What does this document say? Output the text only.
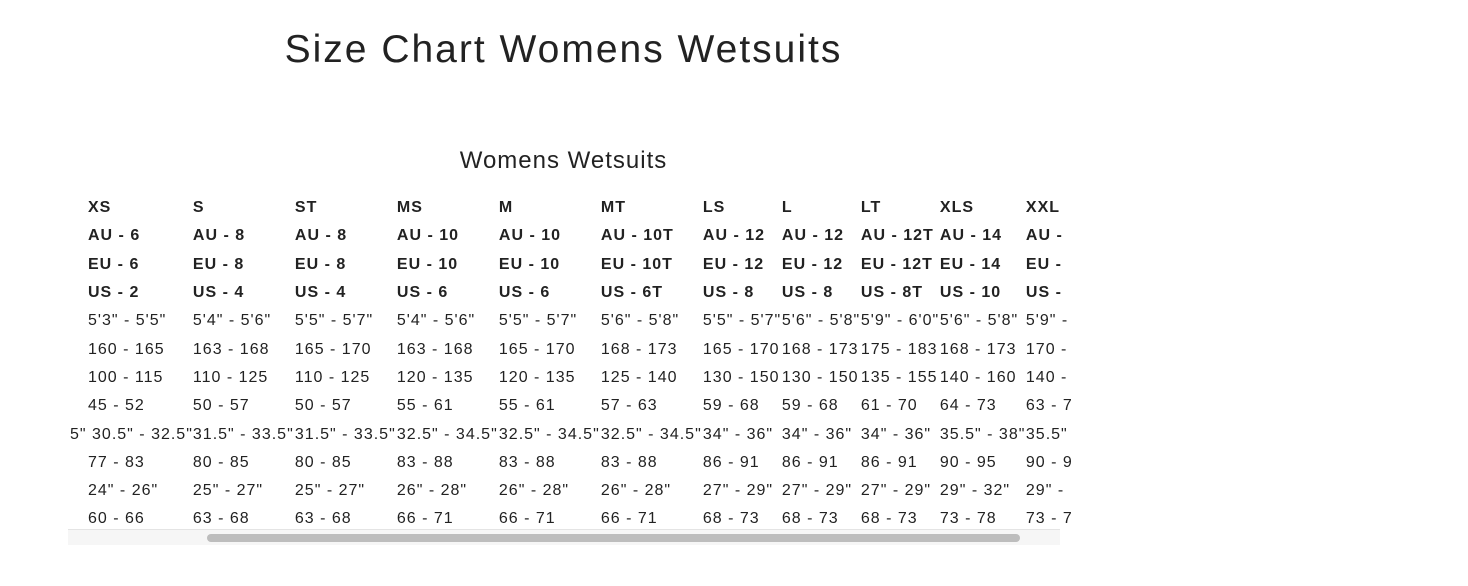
Size Chart Womens Wetsuits
Womens Wetsuits
XS	S	ST	MS	M	MT	LS	L	LT	XLS	XXL
AU - 6	AU - 8	AU - 8	AU - 10	AU - 10	AU - 10T	AU - 12	AU - 12	AU - 12T	AU - 14	AU -
EU - 6	EU - 8	EU - 8	EU - 10	EU - 10	EU - 10T	EU - 12	EU - 12	EU - 12T	EU - 14	EU -
US - 2	US - 4	US - 4	US - 6	US - 6	US - 6T	US - 8	US - 8	US - 8T	US - 10	US -
5'3" - 5'5"	5'4" - 5'6"	5'5" - 5'7"	5'4" - 5'6"	5'5" - 5'7"	5'6" - 5'8"	5'5" - 5'7"	5'6" - 5'8"	5'9" - 6'0"	5'6" - 5'8"	5'9" -
160 - 165	163 - 168	165 - 170	163 - 168	165 - 170	168 - 173	165 - 170	168 - 173	175 - 183	168 - 173	170 -
100 - 115	110 - 125	110 - 125	120 - 135	120 - 135	125 - 140	130 - 150	130 - 150	135 - 155	140 - 160	140 -
45 - 52	50 - 57	50 - 57	55 - 61	55 - 61	57 - 63	59 - 68	59 - 68	61 - 70	64 - 73	63 - 7
5" 30.5" - 32.5"	31.5" - 33.5"	31.5" - 33.5"	32.5" - 34.5"	32.5" - 34.5"	32.5" - 34.5"	34" - 36"	34" - 36"	34" - 36"	35.5" - 38"	35.5"
77 - 83	80 - 85	80 - 85	83 - 88	83 - 88	83 - 88	86 - 91	86 - 91	86 - 91	90 - 95	90 - 9
24" - 26"	25" - 27"	25" - 27"	26" - 28"	26" - 28"	26" - 28"	27" - 29"	27" - 29"	27" - 29"	29" - 32"	29" -
60 - 66	63 - 68	63 - 68	66 - 71	66 - 71	66 - 71	68 - 73	68 - 73	68 - 73	73 - 78	73 - 7
